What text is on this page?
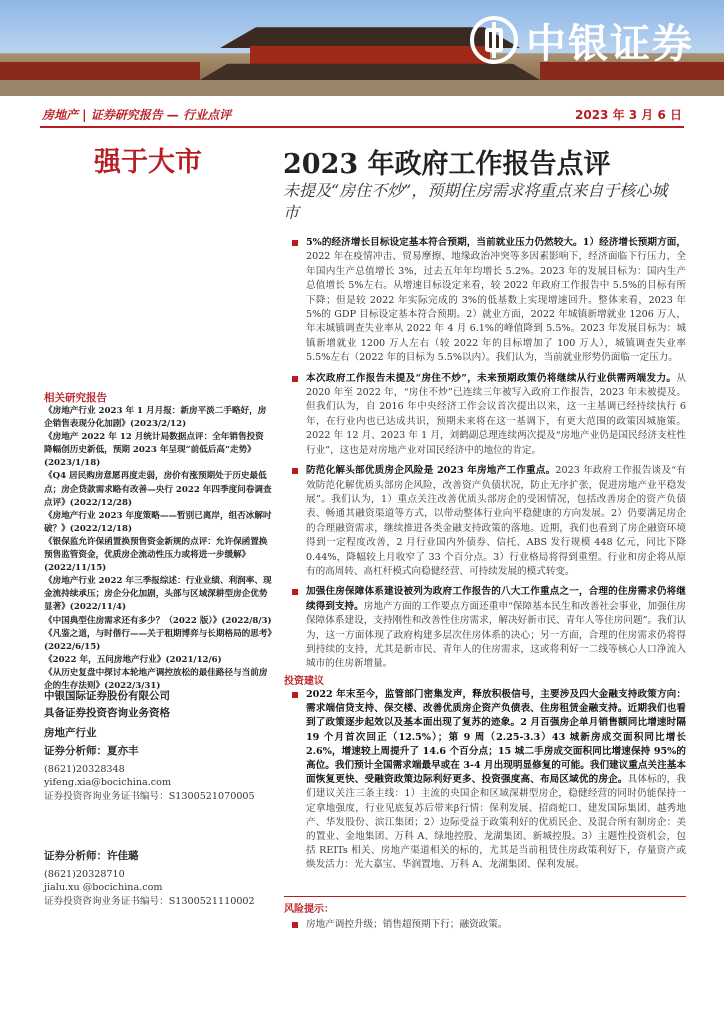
中银证券
房地产 | 证券研究报告 — 行业点评	2023 年 3 月 6 日
强于大市	2023 年政府工作报告点评
未提及“房住不炒”，预期住房需求将重点来自于核心城市
5%的经济增长目标设定基本符合预期，当前就业压力仍然较大。1）经济增长预期方面，2022 年在疫情冲击、贸易摩擦、地缘政治冲突等多因素影响下，经济面临下行压力，全年国内生产总值增长 3%，过去五年年均增长 5.2%。2023 年的发展目标为：国内生产总值增长 5%左右。从增速目标设定来看，较 2022 年政府工作报告中 5.5%的目标有所下降；但是较 2022 年实际完成的 3%的低基数上实现增速回升。整体来看，2023 年 5%的 GDP 目标设定基本符合预期。2）就业方面，2022 年城镇新增就业 1206 万人，年末城镇调查失业率从 2022 年 4 月 6.1%的峰值降到 5.5%。2023 年发展目标为：城镇新增就业 1200 万人左右（较 2022 年的目标增加了 100 万人），城镇调查失业率 5.5%左右（2022 年的目标为 5.5%以内）。我们认为，当前就业形势仍面临一定压力。
本次政府工作报告未提及“房住不炒”，未来预期政策仍将继续从行业供需两端发力。从 2020 年至 2022 年，“房住不炒”已连续三年被写入政府工作报告，2023 年未被提及。但我们认为，自 2016 年中央经济工作会议首次提出以来，这一主基调已经持续执行 6 年，在行业内也已达成共识，预期未来将在这一基调下，有更大范围的政策因城施策。2022 年 12 月、2023 年 1 月，刘鹤副总理连续两次提及“房地产业仍是国民经济支柱性行业”，这也是对房地产业对国民经济中的地位的肯定。
防范化解头部优质房企风险是 2023 年房地产工作重点。2023 年政府工作报告谈及“有效防范化解优质头部房企风险，改善资产负债状况，防止无序扩张，促进房地产业平稳发展”。我们认为，1）重点关注改善优质头部房企的受困情况，包括改善房企的资产负债表、畅通其融资渠道等方式，以带动整体行业向平稳健康的方向发展。2）仍要满足房企的合理融资需求，继续推进各类金融支持政策的落地。近期，我们也看到了房企融资环境得到一定程度改善，2 月行业国内外债券、信托、ABS 发行规模 448 亿元，同比下降 0.44%，降幅较上月收窄了 33 个百分点。3）行业格局将得到重塑。行业和房企将从原有的高周转、高杠杆模式向稳健经营、可持续发展的模式转变。
加强住房保障体系建设被列为政府工作报告的八大工作重点之一，合理的住房需求仍将继续得到支持。房地产方面的工作要点方面还重申“保障基本民生和改善社会事业，加强住房保障体系建设，支持刚性和改善性住房需求，解决好新市民、青年人等住房问题”。我们认为，这一方面体现了政府构建多层次住房体系的决心；另一方面，合理的住房需求仍将得到持续的支持，尤其是新市民、青年人的住房需求，这或将利好一二线等核心人口净流入城市的住房新增量。
投资建议
2022 年末至今，监管部门密集发声，释放积极信号，主要涉及四大金融支持政策方向：需求端信贷支持、保交楼、改善优质房企资产负债表、住房租赁金融支持。近期我们也看到了政策逐步起效以及基本面出现了复苏的迹象。2 月百强房企单月销售额同比增速时隔 19 个月首次回正（12.5%）；第 9 周（2.25-3.3）43 城新房成交面积同比增长 2.6%，增速较上周提升了 14.6 个百分点；15 城二手房成交面积同比增速保持 95%的高位。我们预计全国需求端最早或在 3-4 月出现明显修复的可能。我们建议重点关注基本面恢复更快、受融资政策边际利好更多、投资强度高、布局区域优的房企。具体标的，我们建议关注三条主线：1）主流的央国企和区域深耕型房企，稳健经营的同时仍能保持一定拿地强度，行业见底复苏后带来β行情：保利发展、招商蛇口、建发国际集团、越秀地产、华发股份、滨江集团；2）边际受益于政策利好的优质民企、及混合所有制房企：美的置业、金地集团、万科 A、绿地控股、龙湖集团、新城控股。3）主题性投资机会，包括 REITs 相关、房地产渠道相关的标的，尤其是当前租赁住房政策利好下，存量资产或焕发活力：光大嘉宝、华润置地、万科 A、龙湖集团、保利发展。
风险提示：
房地产调控升级；销售超预期下行；融资政策。
相关研究报告
《房地产行业 2023 年 1 月月报：新房平淡二手略好，房企销售表现分化加剧》(2023/2/12)
《房地产 2022 年 12 月统计局数据点评：全年销售投资降幅创历史新低，预期 2023 年呈现“前低后高”走势》(2023/1/18)
《Q4 居民购房意愿再度走弱，房价有涨预期处于历史最低点；房企贷款需求略有改善—央行 2022 年四季度问卷调查点评》(2022/12/28)
《房地产行业 2023 年度策略——暂别已离岸，组否冰解吋破？》(2022/12/18)
《银保监允许保函置换预售资金新规的点评：允许保函置换预售监管资金，优质房企流动性压力或将进一步缓解》(2022/11/15)
《房地产行业 2022 年三季报综述：行业业绩、利润率、现金流持续承压；房企分化加剧，头部与区域深耕型房企优势显著》(2022/11/4)
《中国典型住房需求还有多少？（2022 版）》(2022/8/3)
《凡鉴之道，与时偕行——关于租期博弈与长期格局的思考》(2022/6/15)
《2022 年，五问房地产行业》(2021/12/6)
《从历史复盘中探讨本轮地产调控放松的最佳路径与当前房企的生存法则》(2022/3/31)
中银国际证券股份有限公司
具备证券投资咨询业务资格
房地产行业
证券分析师：夏亦丰
(8621)20328348
yifeng.xia@bocichina.com
证券投资咨询业务证书编号：S1300521070005
证券分析师：许佳璐
(8621)20328710
jialu.xu @bocichina.com
证券投资咨询业务证书编号：S1300521110002
